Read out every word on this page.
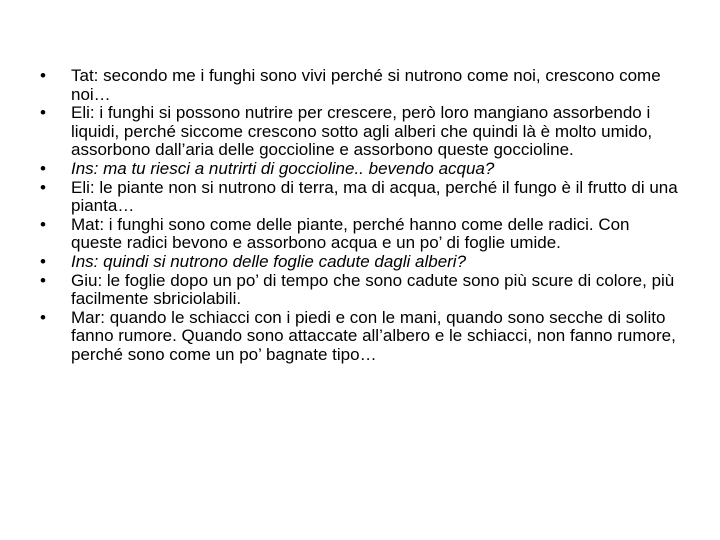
•	Tat: secondo me i funghi sono vivi perché si nutrono come noi, crescono come noi…
•	Eli: i funghi si possono nutrire per crescere, però loro mangiano assorbendo i liquidi, perché siccome crescono sotto agli alberi che quindi là è molto umido, assorbono dall’aria delle goccioline e assorbono queste goccioline.
•	Ins: ma tu riesci a nutrirti di goccioline.. bevendo acqua?
•	Eli: le piante non si nutrono di terra, ma di acqua, perché il fungo è il frutto di una pianta…
•	Mat: i funghi sono come delle piante, perché hanno come delle radici. Con queste radici bevono e assorbono acqua e un po’ di foglie umide.
•	Ins: quindi si nutrono delle foglie cadute dagli alberi?
•	Giu: le foglie dopo un po’ di tempo che sono cadute sono più scure di colore, più facilmente sbriciolabili.
•	Mar: quando le schiacci con i piedi e con le mani, quando sono secche di solito fanno rumore. Quando sono attaccate all’albero e le schiacci, non fanno rumore, perché sono come un po’ bagnate tipo…
